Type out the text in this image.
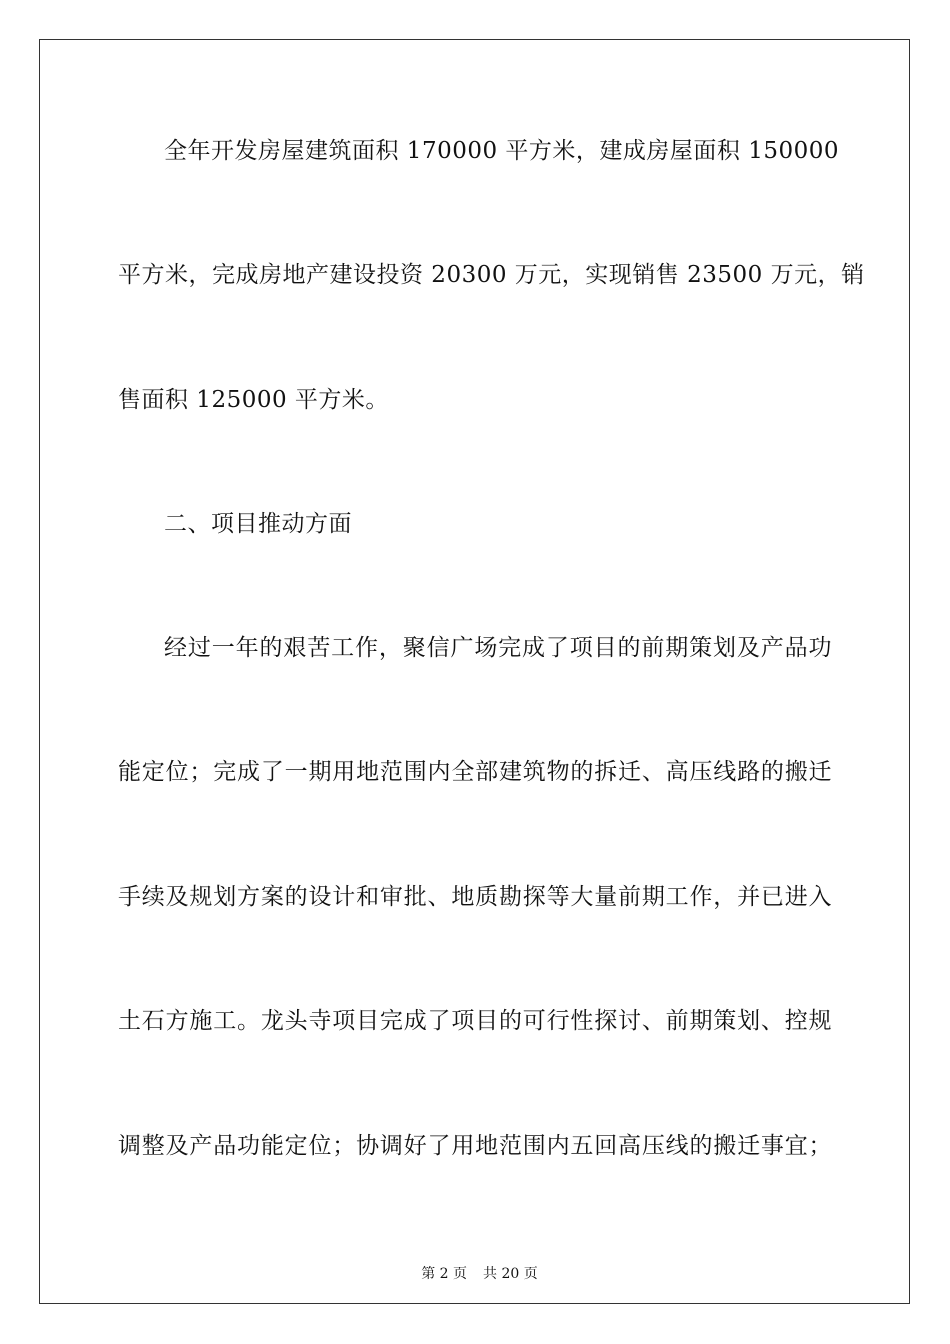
全年开发房屋建筑面积 170000 平方米，建成房屋面积 150000
平方米，完成房地产建设投资 20300 万元，实现销售 23500 万元，销
售面积 125000 平方米。
二、项目推动方面
经过一年的艰苦工作，聚信广场完成了项目的前期策划及产品功
能定位；完成了一期用地范围内全部建筑物的拆迁、高压线路的搬迁
手续及规划方案的设计和审批、地质勘探等大量前期工作，并已进入
土石方施工。龙头寺项目完成了项目的可行性探讨、前期策划、控规
调整及产品功能定位；协调好了用地范围内五回高压线的搬迁事宜；

第 2 页 共 20 页
